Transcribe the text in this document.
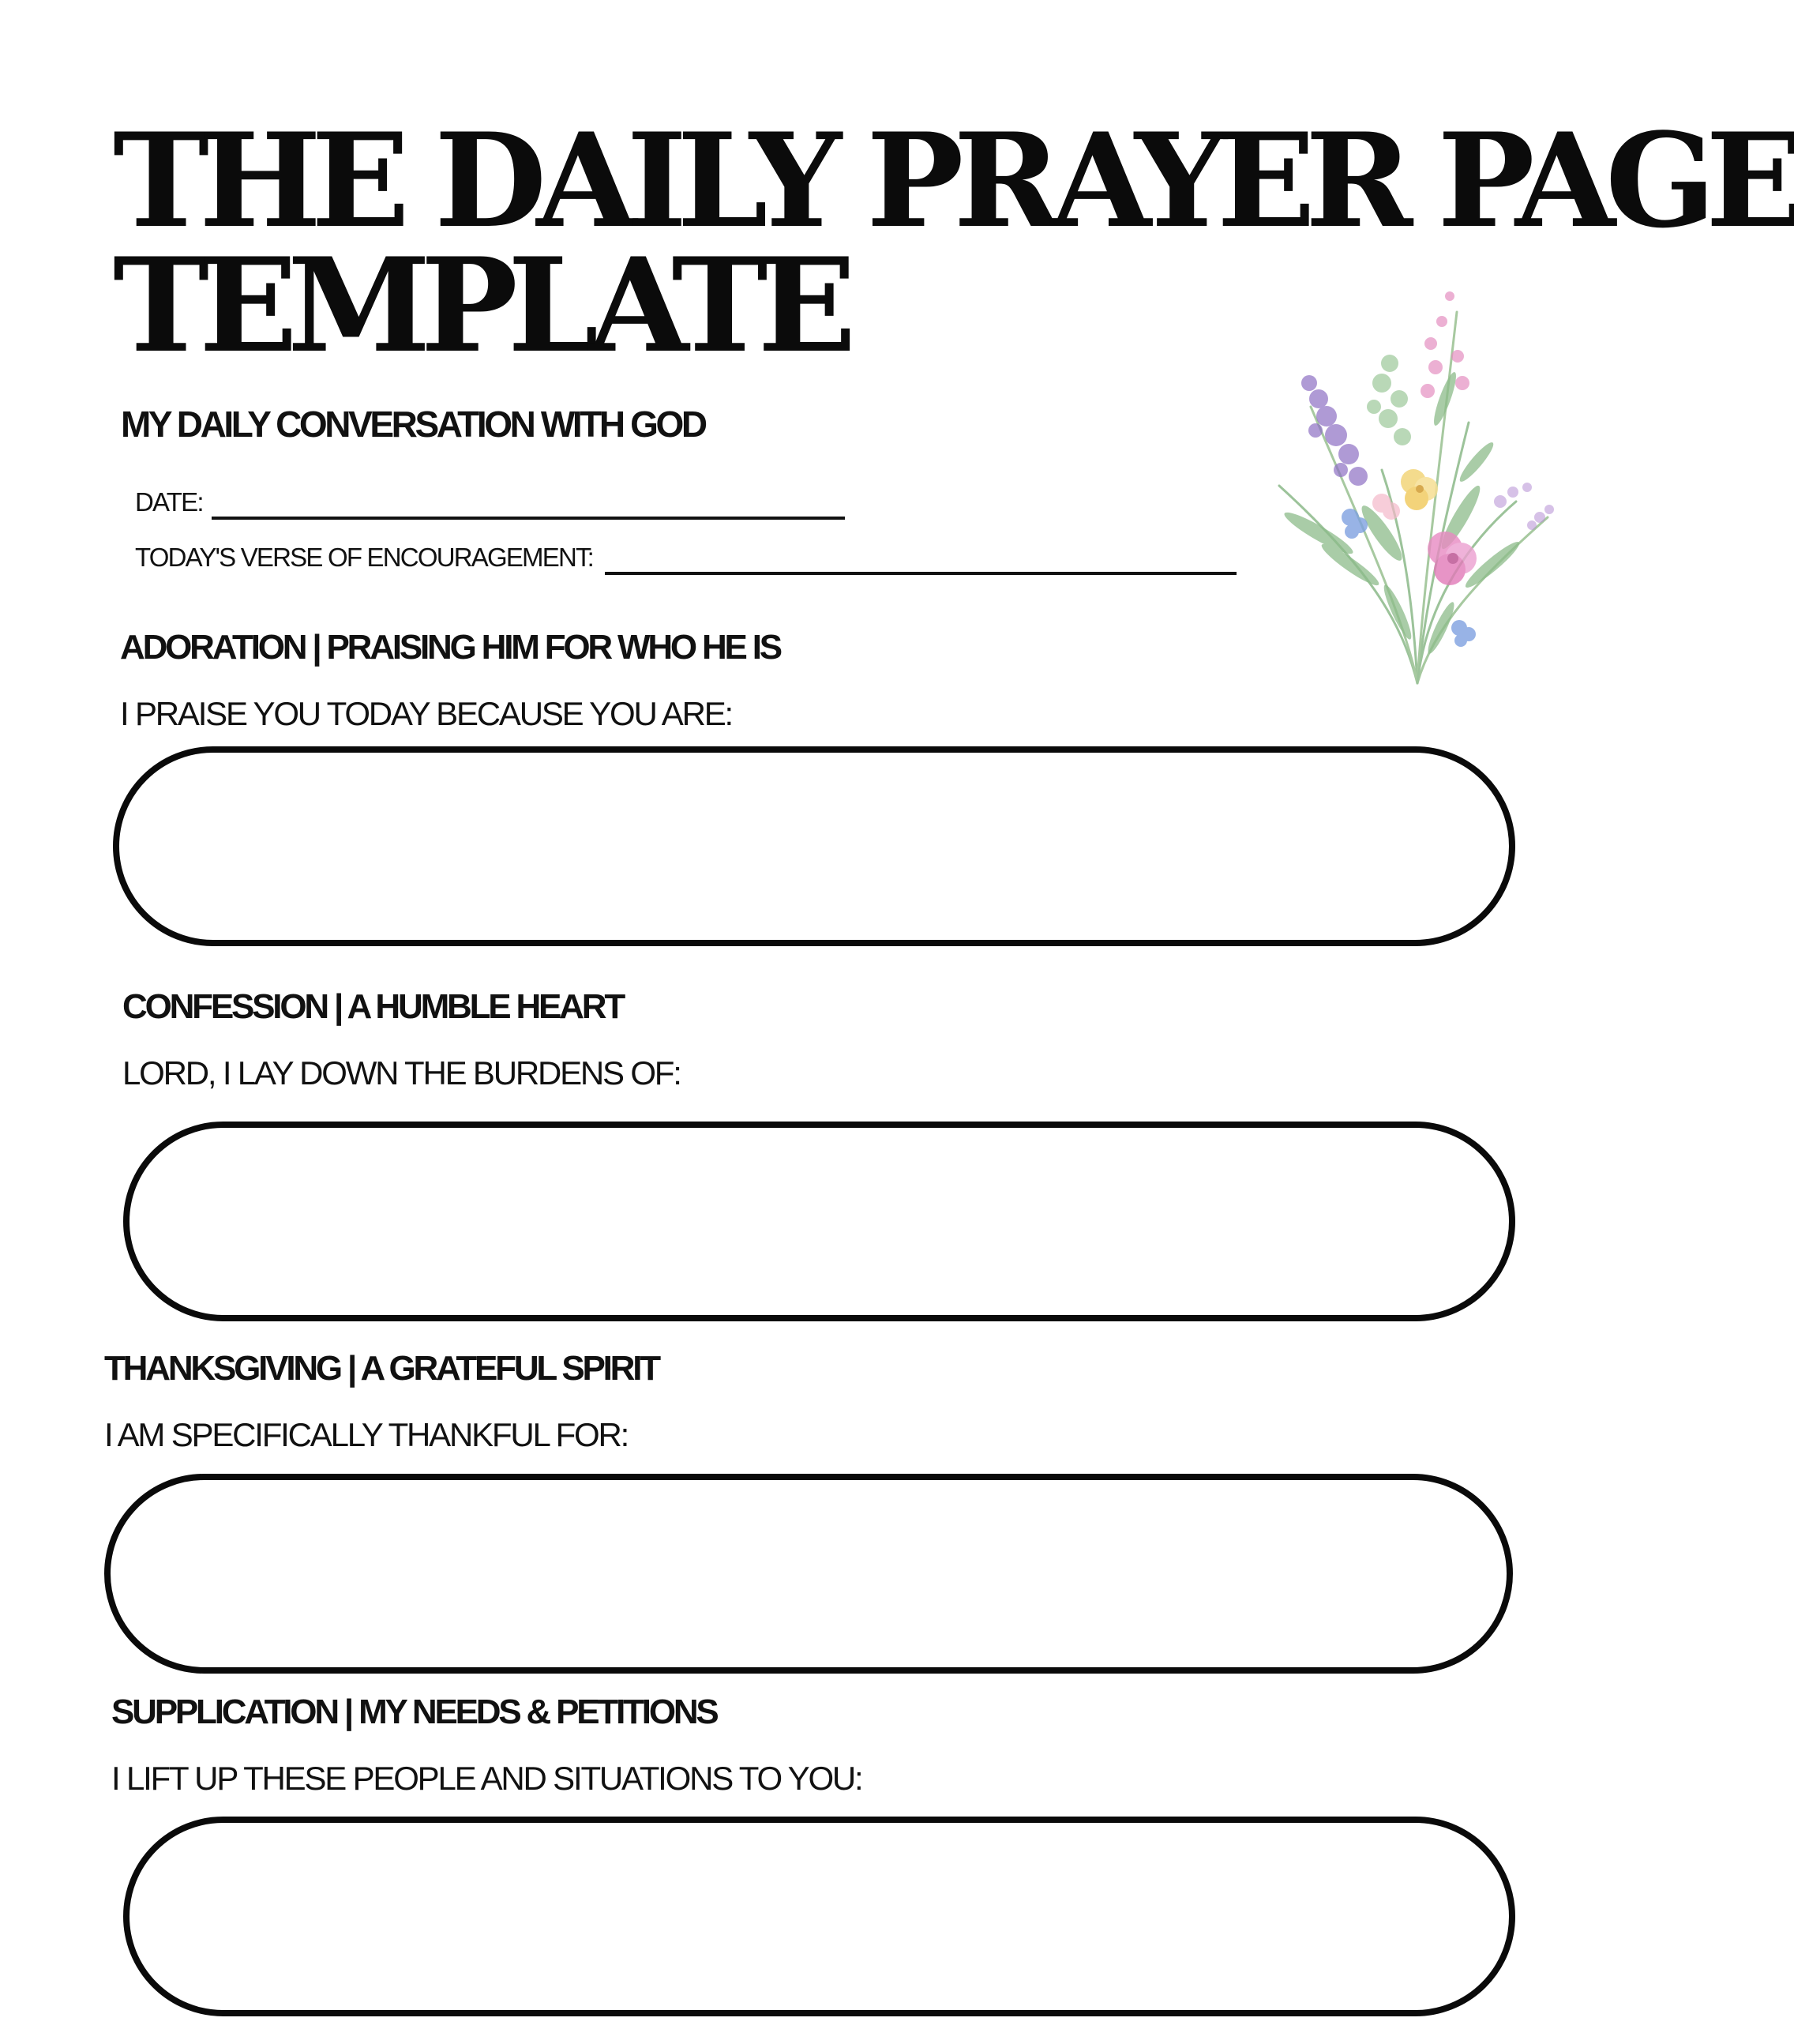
THE DAILY PRAYER PAGE
TEMPLATE
MY DAILY CONVERSATION WITH GOD
DATE:
TODAY'S VERSE OF ENCOURAGEMENT:
ADORATION | PRAISING HIM FOR WHO HE IS
I PRAISE YOU TODAY BECAUSE YOU ARE:
CONFESSION | A HUMBLE HEART
LORD, I LAY DOWN THE BURDENS OF:
THANKSGIVING | A GRATEFUL SPIRIT
I AM SPECIFICALLY THANKFUL FOR:
SUPPLICATION | MY NEEDS & PETITIONS
I LIFT UP THESE PEOPLE AND SITUATIONS TO YOU:
